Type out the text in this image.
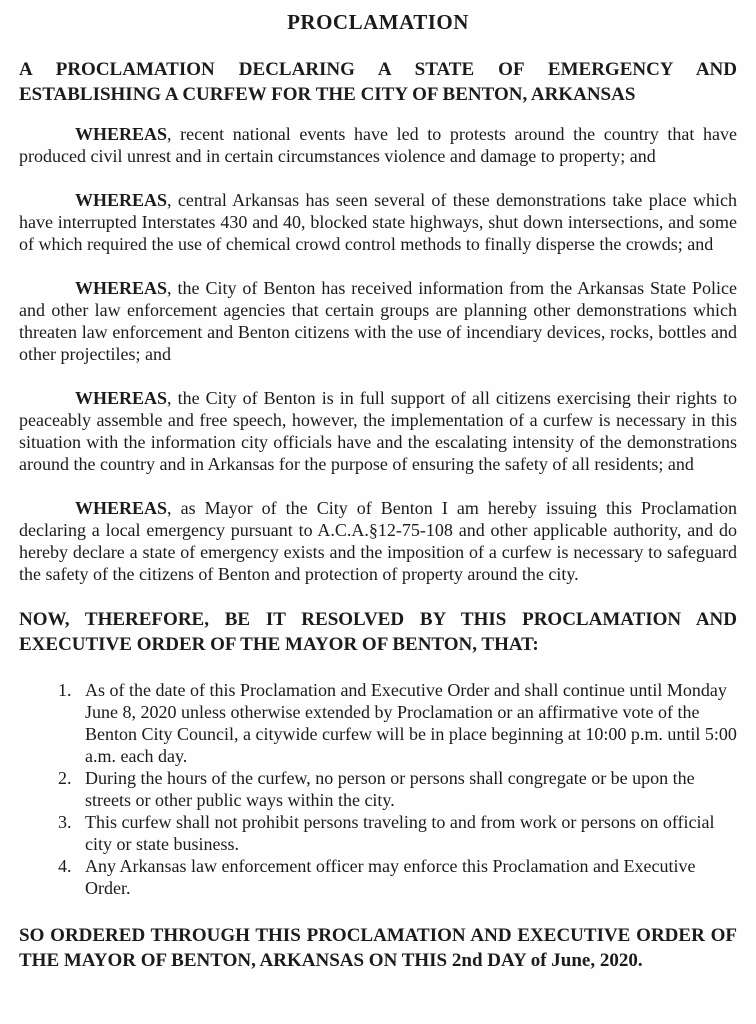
PROCLAMATION
A PROCLAMATION DECLARING A STATE OF EMERGENCY AND ESTABLISHING A CURFEW FOR THE CITY OF BENTON, ARKANSAS

WHEREAS, recent national events have led to protests around the country that have produced civil unrest and in certain circumstances violence and damage to property; and

WHEREAS, central Arkansas has seen several of these demonstrations take place which have interrupted Interstates 430 and 40, blocked state highways, shut down intersections, and some of which required the use of chemical crowd control methods to finally disperse the crowds; and

WHEREAS, the City of Benton has received information from the Arkansas State Police and other law enforcement agencies that certain groups are planning other demonstrations which threaten law enforcement and Benton citizens with the use of incendiary devices, rocks, bottles and other projectiles; and

WHEREAS, the City of Benton is in full support of all citizens exercising their rights to peaceably assemble and free speech, however, the implementation of a curfew is necessary in this situation with the information city officials have and the escalating intensity of the demonstrations around the country and in Arkansas for the purpose of ensuring the safety of all residents; and

WHEREAS, as Mayor of the City of Benton I am hereby issuing this Proclamation declaring a local emergency pursuant to A.C.A.§12-75-108 and other applicable authority, and do hereby declare a state of emergency exists and the imposition of a curfew is necessary to safeguard the safety of the citizens of Benton and protection of property around the city.

NOW, THEREFORE, BE IT RESOLVED BY THIS PROCLAMATION AND EXECUTIVE ORDER OF THE MAYOR OF BENTON, THAT:
1. As of the date of this Proclamation and Executive Order and shall continue until Monday June 8, 2020 unless otherwise extended by Proclamation or an affirmative vote of the Benton City Council, a citywide curfew will be in place beginning at 10:00 p.m. until 5:00 a.m. each day.
2. During the hours of the curfew, no person or persons shall congregate or be upon the streets or other public ways within the city.
3. This curfew shall not prohibit persons traveling to and from work or persons on official city or state business.
4. Any Arkansas law enforcement officer may enforce this Proclamation and Executive Order.
SO ORDERED THROUGH THIS PROCLAMATION AND EXECUTIVE ORDER OF THE MAYOR OF BENTON, ARKANSAS ON THIS 2nd DAY of June, 2020.
